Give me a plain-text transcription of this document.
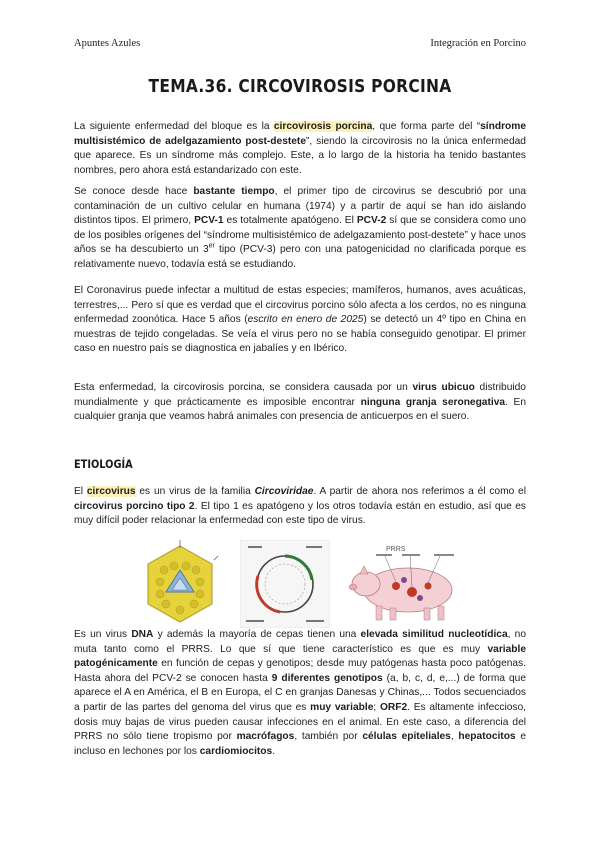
Apuntes Azules	Integración en Porcino
TEMA.36. CIRCOVIROSIS PORCINA

La siguiente enfermedad del bloque es la circovirosis porcina, que forma parte del “síndrome multisistémico de adelgazamiento post-destete”, siendo la circovirosis no la única enfermedad que aparece. Es un síndrome más complejo. Este, a lo largo de la historia ha tenido bastantes nombres, pero ahora está estandarizado con este.

Se conoce desde hace bastante tiempo, el primer tipo de circovirus se descubrió por una contaminación de un cultivo celular en humana (1974) y a partir de aquí se han ido aislando distintos tipos. El primero, PCV-1 es totalmente apatógeno. El PCV-2 sí que se considera como uno de los posibles orígenes del “síndrome multisistémico de adelgazamiento post-destete” y hace unos años se ha descubierto un 3er tipo (PCV-3) pero con una patogenicidad no clarificada porque es relativamente nuevo, todavía está se estudiando.

El Coronavirus puede infectar a multitud de estas especies; mamíferos, humanos, aves acuáticas, terrestres,... Pero sí que es verdad que el circovirus porcino sólo afecta a los cerdos, no es ninguna enfermedad zoonótica. Hace 5 años (escrito en enero de 2025) se detectó un 4º tipo en China en muestras de tejido congeladas. Se veía el virus pero no se había conseguido genotipar. El primer caso en nuestro país se diagnostica en jabalíes y en Ibérico.

Esta enfermedad, la circovirosis porcina, se considera causada por un virus ubicuo distribuido mundialmente y que prácticamente es imposible encontrar ninguna granja seronegativa. En cualquier granja que veamos habrá animales con presencia de anticuerpos en el suero.

ETIOLOGÍA

El circovirus es un virus de la familia Circoviridae. A partir de ahora nos referimos a él como el circovirus porcino tipo 2. El tipo 1 es apatógeno y los otros todavía están en estudio, así que es muy difícil poder relacionar la enfermedad con este tipo de virus.

PRRS

Es un virus DNA y además la mayoría de cepas tienen una elevada similitud nucleotídica, no muta tanto como el PRRS. Lo que sí que tiene característico es que es muy variable patogénicamente en función de cepas y genotipos; desde muy patógenas hasta poco patógenas. Hasta ahora del PCV-2 se conocen hasta 9 diferentes genotipos (a, b, c, d, e,...) de forma que aparece el A en América, el B en Europa, el C en granjas Danesas y Chinas,... Todos secuenciados a partir de las partes del genoma del virus que es muy variable; ORF2. Es altamente infeccioso, dosis muy bajas de virus pueden causar infecciones en el animal. En este caso, a diferencia del PRRS no sólo tiene tropismo por macrófagos, también por células epiteliales, hepatocitos e incluso en lechones por los cardiomiocitos.
